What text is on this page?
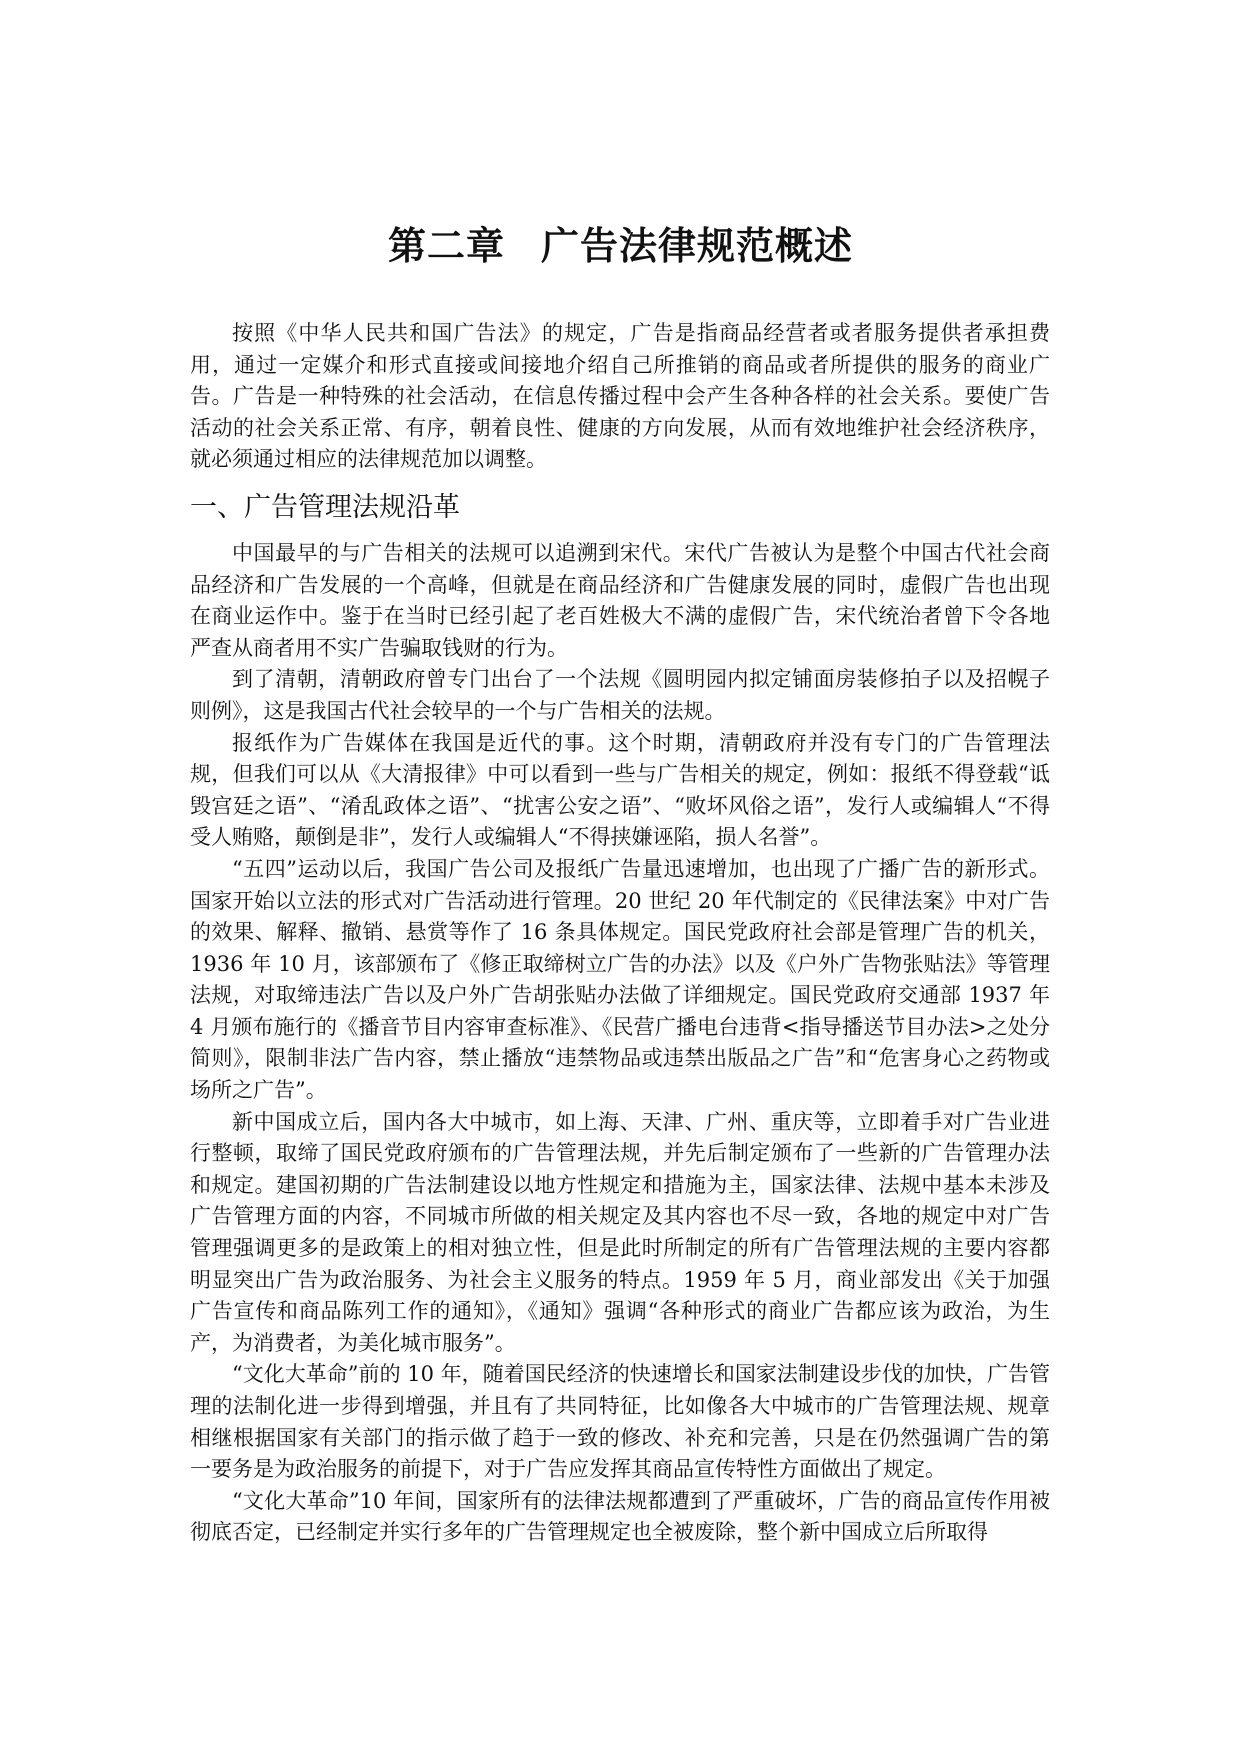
第二章 广告法律规范概述

按照《中华人民共和国广告法》的规定，广告是指商品经营者或者服务提供者承担费用，通过一定媒介和形式直接或间接地介绍自己所推销的商品或者所提供的服务的商业广告。广告是一种特殊的社会活动，在信息传播过程中会产生各种各样的社会关系。要使广告活动的社会关系正常、有序，朝着良性、健康的方向发展，从而有效地维护社会经济秩序，就必须通过相应的法律规范加以调整。

一、广告管理法规沿革

中国最早的与广告相关的法规可以追溯到宋代。宋代广告被认为是整个中国古代社会商品经济和广告发展的一个高峰，但就是在商品经济和广告健康发展的同时，虚假广告也出现在商业运作中。鉴于在当时已经引起了老百姓极大不满的虚假广告，宋代统治者曾下令各地严查从商者用不实广告骗取钱财的行为。

到了清朝，清朝政府曾专门出台了一个法规《圆明园内拟定铺面房装修拍子以及招幌子则例》，这是我国古代社会较早的一个与广告相关的法规。

报纸作为广告媒体在我国是近代的事。这个时期，清朝政府并没有专门的广告管理法规，但我们可以从《大清报律》中可以看到一些与广告相关的规定，例如：报纸不得登载“诋毁宫廷之语”、“淆乱政体之语”、“扰害公安之语”、“败坏风俗之语”，发行人或编辑人“不得受人贿赂，颠倒是非”，发行人或编辑人“不得挟嫌诬陷，损人名誉”。

“五四”运动以后，我国广告公司及报纸广告量迅速增加，也出现了广播广告的新形式。国家开始以立法的形式对广告活动进行管理。20 世纪 20 年代制定的《民律法案》中对广告的效果、解释、撤销、悬赏等作了 16 条具体规定。国民党政府社会部是管理广告的机关，1936 年 10 月，该部颁布了《修正取缔树立广告的办法》以及《户外广告物张贴法》等管理法规，对取缔违法广告以及户外广告胡张贴办法做了详细规定。国民党政府交通部 1937 年 4 月颁布施行的《播音节目内容审查标准》、《民营广播电台违背<指导播送节目办法>之处分简则》，限制非法广告内容，禁止播放“违禁物品或违禁出版品之广告”和“危害身心之药物或场所之广告”。

新中国成立后，国内各大中城市，如上海、天津、广州、重庆等，立即着手对广告业进行整顿，取缔了国民党政府颁布的广告管理法规，并先后制定颁布了一些新的广告管理办法和规定。建国初期的广告法制建设以地方性规定和措施为主，国家法律、法规中基本未涉及广告管理方面的内容，不同城市所做的相关规定及其内容也不尽一致，各地的规定中对广告管理强调更多的是政策上的相对独立性，但是此时所制定的所有广告管理法规的主要内容都明显突出广告为政治服务、为社会主义服务的特点。1959 年 5 月，商业部发出《关于加强广告宣传和商品陈列工作的通知》，《通知》强调“各种形式的商业广告都应该为政治，为生产，为消费者，为美化城市服务”。

“文化大革命”前的 10 年，随着国民经济的快速增长和国家法制建设步伐的加快，广告管理的法制化进一步得到增强，并且有了共同特征，比如像各大中城市的广告管理法规、规章相继根据国家有关部门的指示做了趋于一致的修改、补充和完善，只是在仍然强调广告的第一要务是为政治服务的前提下，对于广告应发挥其商品宣传特性方面做出了规定。

“文化大革命”10 年间，国家所有的法律法规都遭到了严重破坏，广告的商品宣传作用被彻底否定，已经制定并实行多年的广告管理规定也全被废除，整个新中国成立后所取得
